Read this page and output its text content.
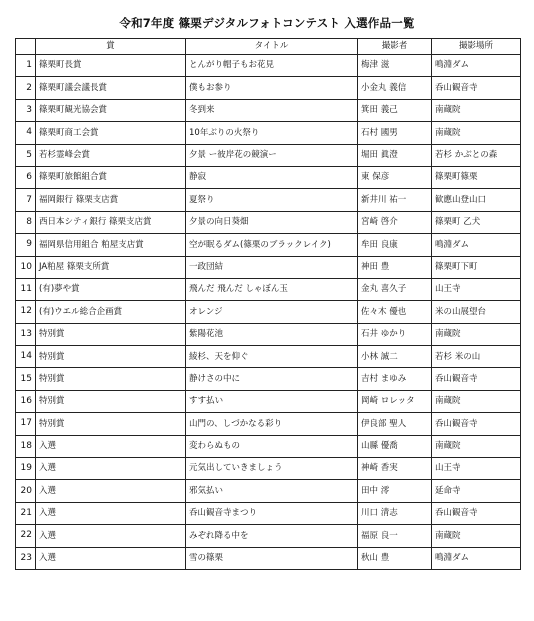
令和7年度 篠栗デジタルフォトコンテスト 入選作品一覧
	賞	タイトル	撮影者	撮影場所
1	篠栗町長賞	とんがり帽子もお花見	梅津 滋	鳴淵ダム
2	篠栗町議会議長賞	僕もお参り	小金丸 義信	呑山観音寺
3	篠栗町観光協会賞	冬到来	箕田 義己	南蔵院
4	篠栗町商工会賞	10年ぶりの火祭り	石村 國男	南蔵院
5	若杉霊峰会賞	夕景 ー彼岸花の競演ー	堀田 眞澄	若杉 かぶとの森
6	篠栗町旅館組合賞	静寂	東 保彦	篠栗町篠栗
7	福岡銀行 篠栗支店賞	夏祭り	新井川 祐一	歓應山登山口
8	西日本シティ銀行 篠栗支店賞	夕景の向日葵畑	宮崎 啓介	篠栗町 乙犬
9	福岡県信用組合 粕屋支店賞	空が眠るダム(篠栗のブラックレイク)	牟田 良康	鳴淵ダム
10	JA粕屋 篠栗支所賞	一政団結	神田 豊	篠栗町下町
11	(有)夢や賞	飛んだ 飛んだ しゃぼん玉	金丸 喜久子	山王寺
12	(有)ウエル総合企画賞	オレンジ	佐々木 優也	米の山展望台
13	特別賞	紫陽花池	石井 ゆかり	南蔵院
14	特別賞	綾杉、天を仰ぐ	小林 誠二	若杉 米の山
15	特別賞	静けさの中に	吉村 まゆみ	呑山観音寺
16	特別賞	すす払い	岡崎 ロレッタ	南蔵院
17	特別賞	山門の、しづかなる彩り	伊良部 聖人	呑山観音寺
18	入選	変わらぬもの	山縣 優喬	南蔵院
19	入選	元気出していきましょう	神崎 香実	山王寺
20	入選	邪気払い	田中 澪	延命寺
21	入選	呑山観音寺まつり	川口 清志	呑山観音寺
22	入選	みぞれ降る中を	福原 良一	南蔵院
23	入選	雪の篠栗	秋山 豊	鳴淵ダム
